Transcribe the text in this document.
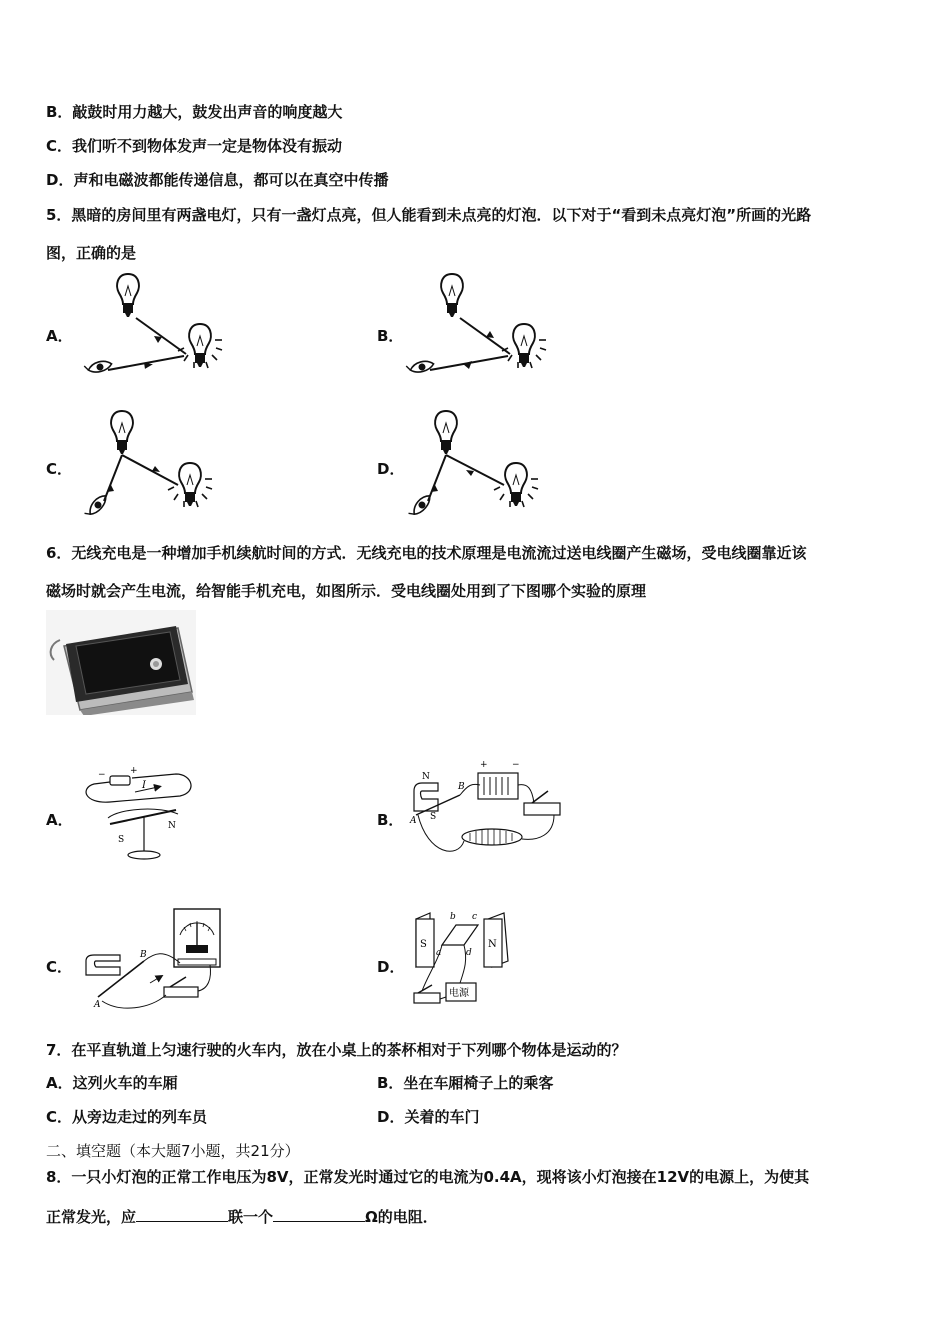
B．敲鼓时用力越大，鼓发出声音的响度越大
C．我们听不到物体发声一定是物体没有振动
D．声和电磁波都能传递信息，都可以在真空中传播
5．黑暗的房间里有两盏电灯，只有一盏灯点亮，但人能看到未点亮的灯泡．以下对于“看到未点亮灯泡”所画的光路
图，正确的是
A．	B．
C．	D．
6．无线充电是一种增加手机续航时间的方式．无线充电的技术原理是电流流过送电线圈产生磁场，受电线圈靠近该
磁场时就会产生电流，给智能手机充电，如图所示．受电线圈处用到了下图哪个实验的原理
A．
−	+
I
S
N	B．
N
S
A
B
+	−
C．
B
A
D．
S	N
b c
a	d
电源
7．在平直轨道上匀速行驶的火车内，放在小桌上的茶杯相对于下列哪个物体是运动的？
A．这列火车的车厢	B．坐在车厢椅子上的乘客
C．从旁边走过的列车员	D．关着的车门
二、填空题（本大题7小题，共21分）
8．一只小灯泡的正常工作电压为8V，正常发光时通过它的电流为0.4A，现将该小灯泡接在12V的电源上，为使其
正常发光，应	联一个	Ω的电阻．
